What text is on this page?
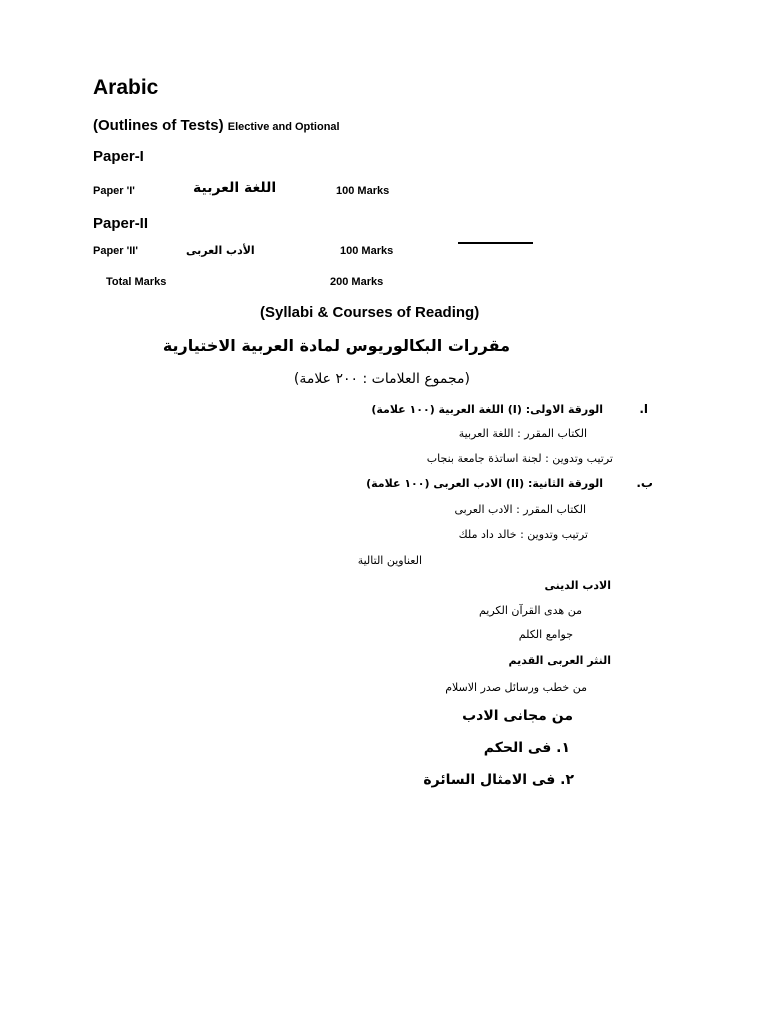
Arabic
(Outlines of Tests) Elective and Optional
Paper-I
Paper 'I'	اللغة العربية	100 Marks
Paper-II
Paper 'II'	الأدب العربى	100 Marks
Total Marks	200 Marks
(Syllabi & Courses of Reading)
مقررات البكالوريوس لمادة العربية الاختيارية
(مجموع العلامات : ٢٠٠ علامة)
ا.
الورقة الاولى: (I) اللغة العربية (١٠٠ علامة)
الكتاب المقرر : اللغة العربية
ترتيب وتدوين : لجنة اساتذة جامعة بنجاب
ب.
الورقة الثانية: (II) الادب العربى (١٠٠ علامة)
الكتاب المقرر : الادب العربى
ترتيب وتدوين : خالد داد ملك
العناوين التالية
الادب الدينى
من هدى القرآن الكريم
جوامع الكلم
النثر العربى القديم
من خطب ورسائل صدر الاسلام
من مجانى الادب
١. فى الحكم
٢. فى الامثال السائرة
